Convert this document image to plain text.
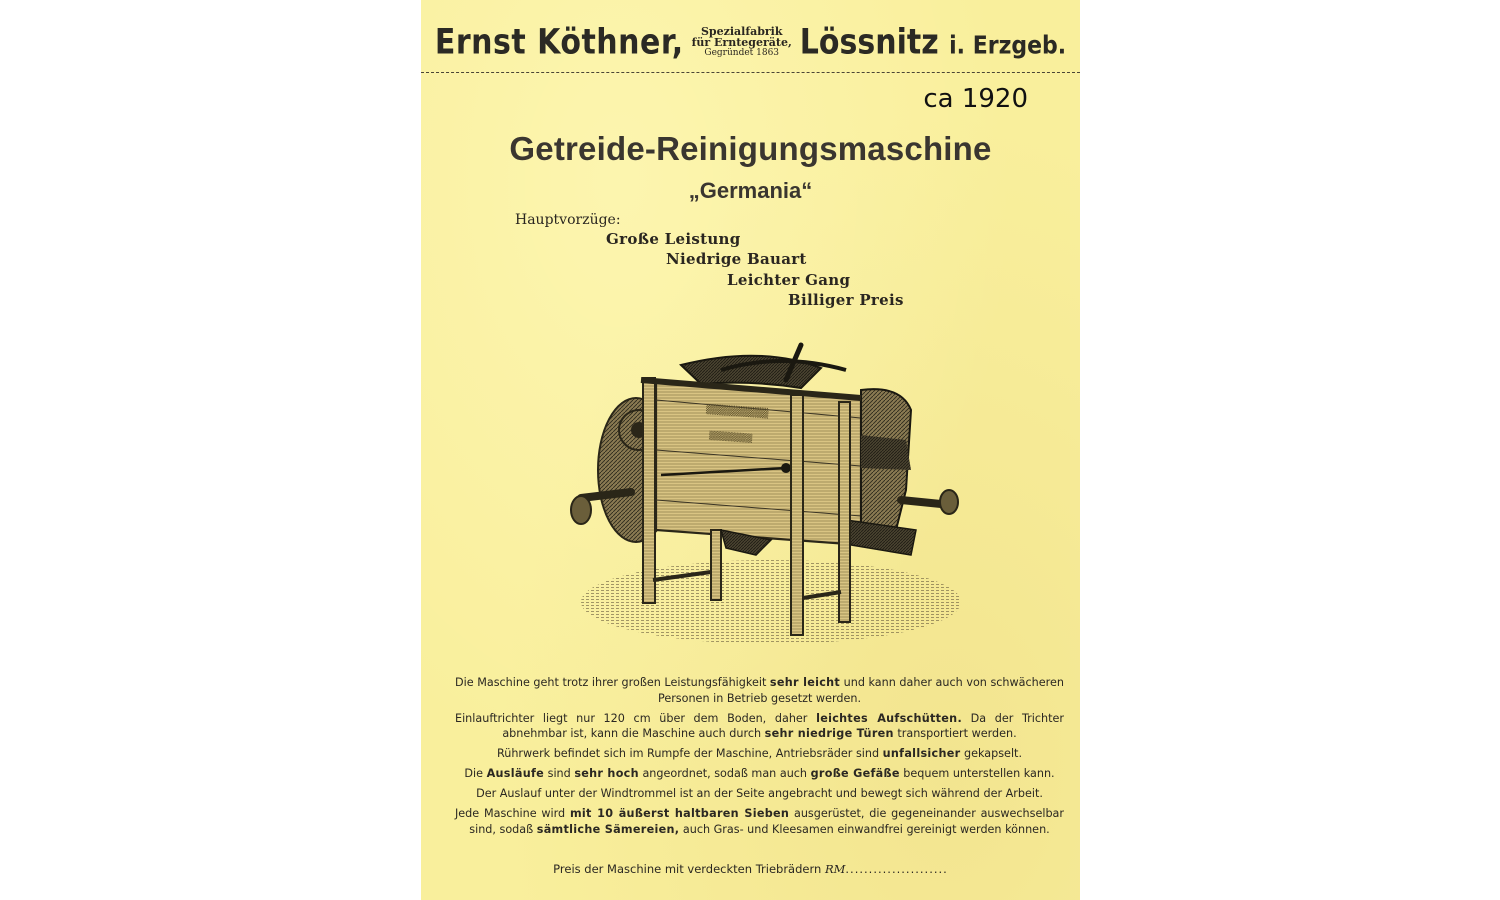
Ernst Köthner, Spezialfabrik
für Erntegeräte,
Gegründet 1863 Lössnitz i. Erzgeb.
ca 1920
Getreide-Reinigungsmaschine
„Germania“
Hauptvorzüge:
Große Leistung
Niedrige Bauart
Leichter Gang
Billiger Preis
▒▒▒▒▒▒▒▒▒
▒▒▒▒▒▒▒

Die Maschine geht trotz ihrer großen Leistungsfähigkeit sehr leicht und kann daher auch von schwächeren Personen in Betrieb gesetzt werden.

Einlauftrichter liegt nur 120 cm über dem Boden, daher leichtes Aufschütten. Da der Trichter abnehmbar ist, kann die Maschine auch durch sehr niedrige Türen transportiert werden.

Rührwerk befindet sich im Rumpfe der Maschine, Antriebsräder sind unfallsicher gekapselt.

Die Ausläufe sind sehr hoch angeordnet, sodaß man auch große Gefäße bequem unterstellen kann.

Der Auslauf unter der Windtrommel ist an der Seite angebracht und bewegt sich während der Arbeit.

Jede Maschine wird mit 10 äußerst haltbaren Sieben ausgerüstet, die gegeneinander auswechselbar sind, sodaß sämtliche Sämereien, auch Gras- und Kleesamen einwandfrei gereinigt werden können.

Preis der Maschine mit verdeckten Triebrädern RM......................
